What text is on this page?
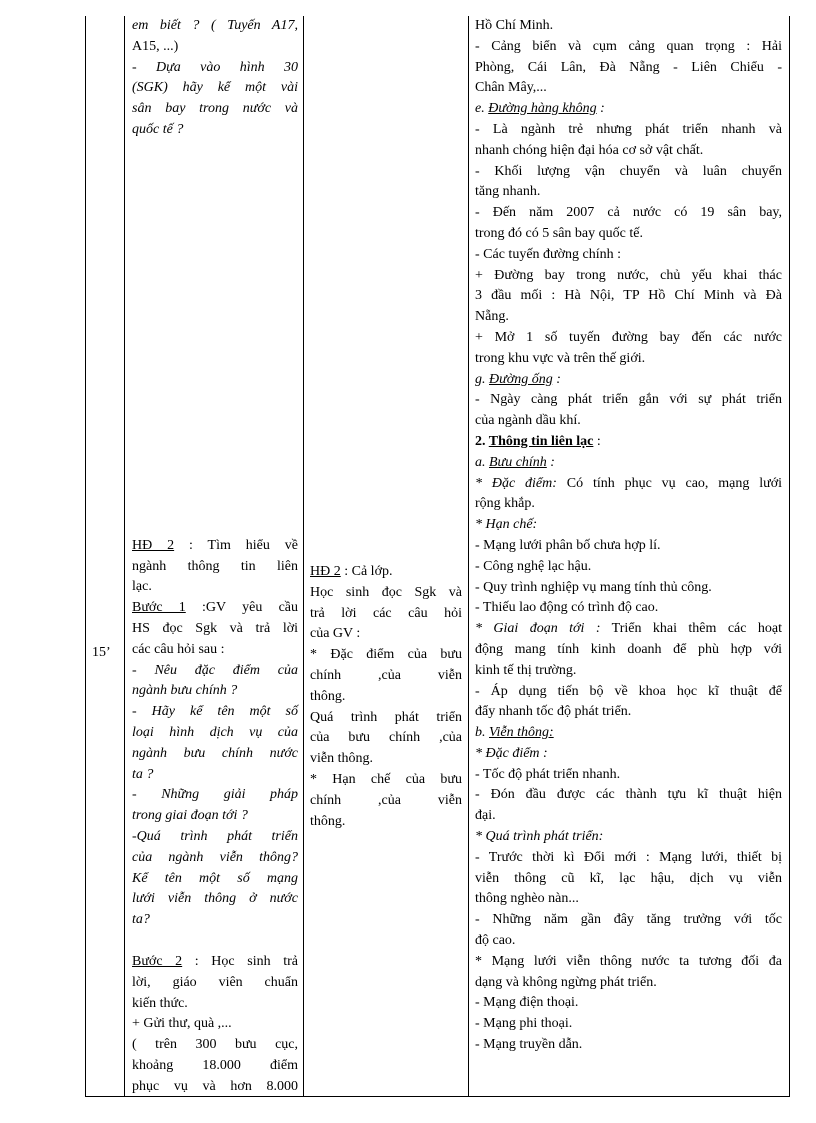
15’
em biết ? ( Tuyến A17,
A15, ...)
- Dựa vào hình 30
(SGK) hãy kể một vài
sân bay trong nước và
quốc tế ?
HĐ 2 : Tìm hiểu về
ngành thông tin liên
lạc.
Bước 1 :GV yêu cầu
HS đọc Sgk và trả lời
các câu hỏi sau :
- Nêu đặc điểm của
ngành bưu chính ?
- Hãy kể tên một số
loại hình dịch vụ của
ngành bưu chính nước
ta ?
- Những giải pháp
trong giai đoạn tới ?
-Quá trình phát triển
của ngành viễn thông?
Kể tên một số mạng
lưới viễn thông ở nước
ta?
Bước 2 : Học sinh trả
lời, giáo viên chuẩn
kiến thức.
+ Gửi thư, quà ,...
( trên 300 bưu cục,
khoảng 18.000 điểm
phục vụ và hơn 8.000
HĐ 2 : Cả lớp.
Học sinh đọc Sgk và
trả lời các câu hỏi
của GV :
* Đặc điểm của bưu
chính ,của viễn
thông.
Quá trình phát triển
của bưu chính ,của
viễn thông.
* Hạn chế của bưu
chính ,của viễn
thông.
Hồ Chí Minh.
- Cảng biển và cụm cảng quan trọng : Hải
Phòng, Cái Lân, Đà Nẵng - Liên Chiểu -
Chân Mây,...
e. Đường hàng không :
- Là ngành trẻ nhưng phát triển nhanh và
nhanh chóng hiện đại hóa cơ sở vật chất.
- Khối lượng vận chuyển và luân chuyển
tăng nhanh.
- Đến năm 2007 cả nước có 19 sân bay,
trong đó có 5 sân bay quốc tế.
- Các tuyến đường chính :
+ Đường bay trong nước, chủ yếu khai thác
3 đầu mối : Hà Nội, TP Hồ Chí Minh và Đà
Nẵng.
+ Mở 1 số tuyến đường bay đến các nước
trong khu vực và trên thế giới.
g. Đường ống :
- Ngày càng phát triển gắn với sự phát triển
của ngành dầu khí.
2. Thông tin liên lạc :
a. Bưu chính :
* Đặc điểm: Có tính phục vụ cao, mạng lưới
rộng khắp.
* Hạn chế:
- Mạng lưới phân bố chưa hợp lí.
- Công nghệ lạc hậu.
- Quy trình nghiệp vụ mang tính thủ công.
- Thiếu lao động có trình độ cao.
* Giai đoạn tới : Triển khai thêm các hoạt
động mang tính kinh doanh để phù hợp với
kinh tế thị trường.
- Áp dụng tiến bộ về khoa học kĩ thuật để
đẩy nhanh tốc độ phát triển.
b. Viễn thông:
* Đặc điểm :
- Tốc độ phát triển nhanh.
- Đón đầu được các thành tựu kĩ thuật hiện
đại.
* Quá trình phát triển:
- Trước thời kì Đổi mới : Mạng lưới, thiết bị
viễn thông cũ kĩ, lạc hậu, dịch vụ viễn
thông nghèo nàn...
- Những năm gần đây tăng trưởng với tốc
độ cao.
* Mạng lưới viễn thông nước ta tương đối đa
dạng và không ngừng phát triển.
- Mạng điện thoại.
- Mạng phi thoại.
- Mạng truyền dẫn.
